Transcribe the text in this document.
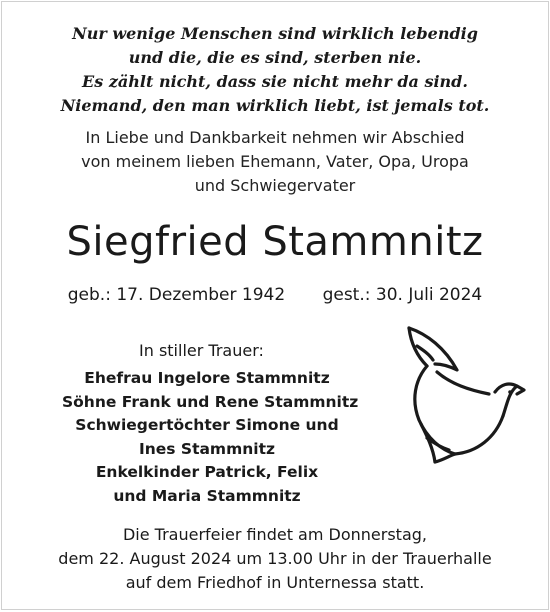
Nur wenige Menschen sind wirklich lebendig
und die, die es sind, sterben nie.
Es zählt nicht, dass sie nicht mehr da sind.
Niemand, den man wirklich liebt, ist jemals tot.
In Liebe und Dankbarkeit nehmen wir Abschied
von meinem lieben Ehemann, Vater, Opa, Uropa
und Schwiegervater
Siegfried Stammnitz
geb.: 17. Dezember 1942 gest.: 30. Juli 2024
In stiller Trauer:
Ehefrau Ingelore Stammnitz
Söhne Frank und Rene Stammnitz
Schwiegertöchter Simone und
Ines Stammnitz
Enkelkinder Patrick, Felix
und Maria Stammnitz
Die Trauerfeier findet am Donnerstag,
dem 22. August 2024 um 13.00 Uhr in der Trauerhalle
auf dem Friedhof in Unternessa statt.
